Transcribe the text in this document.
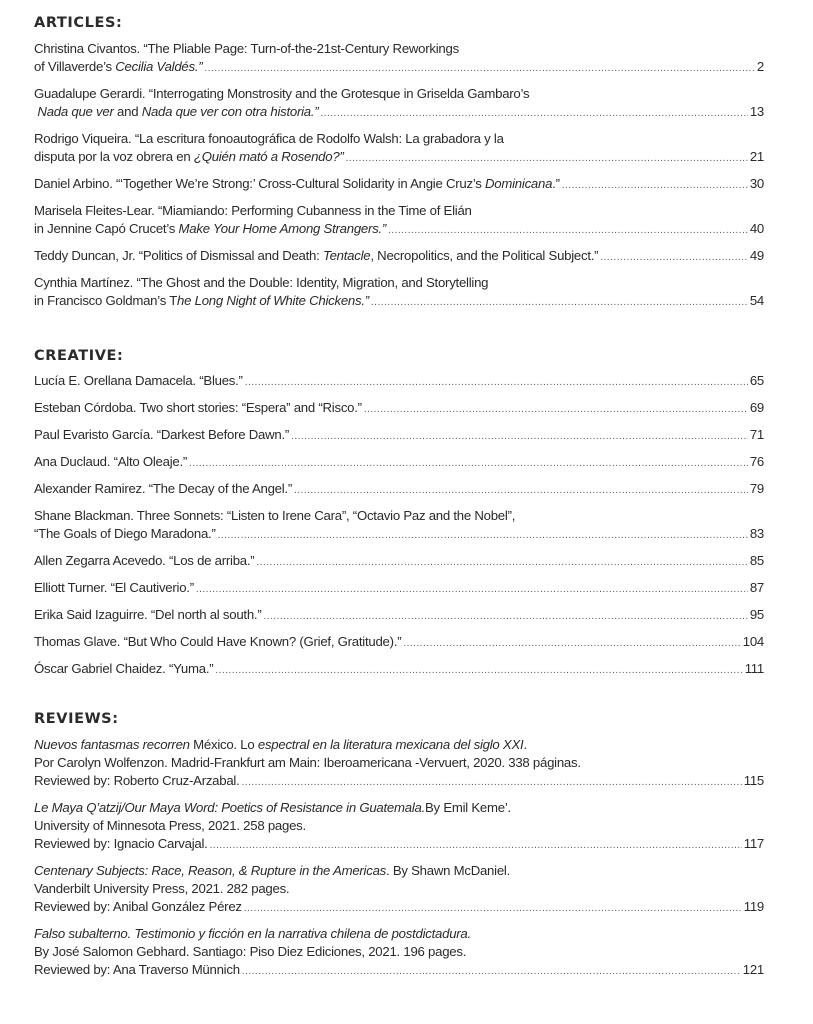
ARTICLES:
Christina Civantos. “The Pliable Page: Turn-of-the-21st-Century Reworkings
of Villaverde’s Cecilia Valdés.” .....	2
Guadalupe Gerardi. “Interrogating Monstrosity and the Grotesque in Griselda Gambaro’s
Nada que ver and Nada que ver con otra historia.” .....	13
Rodrigo Viqueira. “La escritura fonoautográfica de Rodolfo Walsh: La grabadora y la
disputa por la voz obrera en ¿Quién mató a Rosendo?” .....	21
Daniel Arbino. “‘Together We’re Strong:’ Cross-Cultural Solidarity in Angie Cruz’s Dominicana.” .....	30
Marisela Fleites-Lear. “Miamiando: Performing Cubanness in the Time of Elián
in Jennine Capó Crucet’s Make Your Home Among Strangers.” .....	40
Teddy Duncan, Jr. “Politics of Dismissal and Death: Tentacle, Necropolitics, and the Political Subject.” .....	49
Cynthia Martínez. “The Ghost and the Double: Identity, Migration, and Storytelling
in Francisco Goldman’s The Long Night of White Chickens.” .....	54
CREATIVE:
Lucía E. Orellana Damacela. “Blues.” .....	65
Esteban Córdoba. Two short stories: “Espera” and “Risco.” .....	69
Paul Evaristo García. “Darkest Before Dawn.” .....	71
Ana Duclaud. “Alto Oleaje.” .....	76
Alexander Ramirez. “The Decay of the Angel.” .....	79
Shane Blackman. Three Sonnets: “Listen to Irene Cara”, “Octavio Paz and the Nobel”,
“The Goals of Diego Maradona.” .....	83
Allen Zegarra Acevedo. “Los de arriba.” .....	85
Elliott Turner. “El Cautiverio.” .....	87
Erika Said Izaguirre. “Del north al south.” .....	95
Thomas Glave. “But Who Could Have Known? (Grief, Gratitude).” .....	104
Óscar Gabriel Chaidez. “Yuma.” .....	111
REVIEWS:
Nuevos fantasmas recorren México. Lo espectral en la literatura mexicana del siglo XXI.
Por Carolyn Wolfenzon. Madrid-Frankfurt am Main: Iberoamericana -Vervuert, 2020. 338 páginas.
Reviewed by: Roberto Cruz-Arzabal. .....	115
Le Maya Q’atzij/Our Maya Word: Poetics of Resistance in Guatemala.By Emil Keme’.
University of Minnesota Press, 2021. 258 pages.
Reviewed by: Ignacio Carvajal. .....	117
Centenary Subjects: Race, Reason, & Rupture in the Americas. By Shawn McDaniel.
Vanderbilt University Press, 2021. 282 pages.
Reviewed by: Anibal González Pérez .....	119
Falso subalterno. Testimonio y ficción en la narrativa chilena de postdictadura.
By José Salomon Gebhard. Santiago: Piso Diez Ediciones, 2021. 196 pages.
Reviewed by: Ana Traverso Münnich .....	121
